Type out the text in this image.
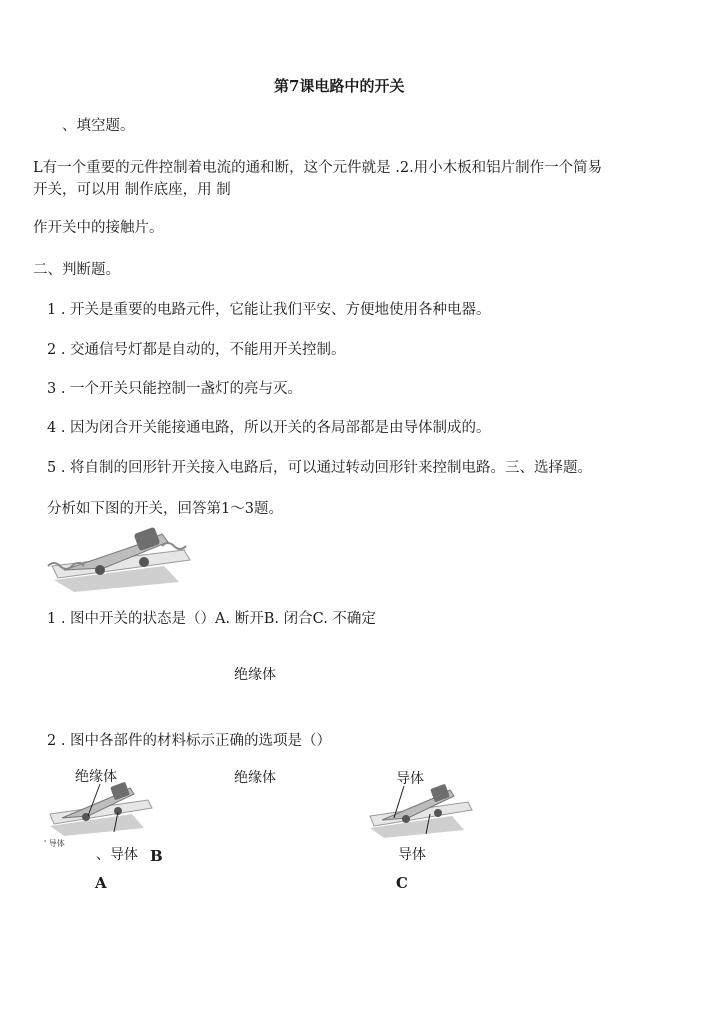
第7课电路中的开关
、填空题。
L有一个重要的元件控制着电流的通和断，这个元件就是 .2.用小木板和铝片制作一个简易
开关，可以用 制作底座，用 制
作开关中的接触片。
二、判断题。
1 . 开关是重要的电路元件，它能让我们平安、方便地使用各种电器。
2 . 交通信号灯都是自动的，不能用开关控制。
3 . 一个开关只能控制一盏灯的亮与灭。
4 . 因为闭合开关能接通电路，所以开关的各局部都是由导体制成的。
5 . 将自制的回形针开关接入电路后，可以通过转动回形针来控制电路。三、选择题。
分析如下图的开关，回答第1～3题。
1 . 图中开关的状态是（）A. 断开B. 闭合C. 不确定
绝缘体
2 . 图中各部件的材料标示正确的选项是（）
绝缘体
' 导体
、导体 B
A
绝缘体	导体
导体
C
